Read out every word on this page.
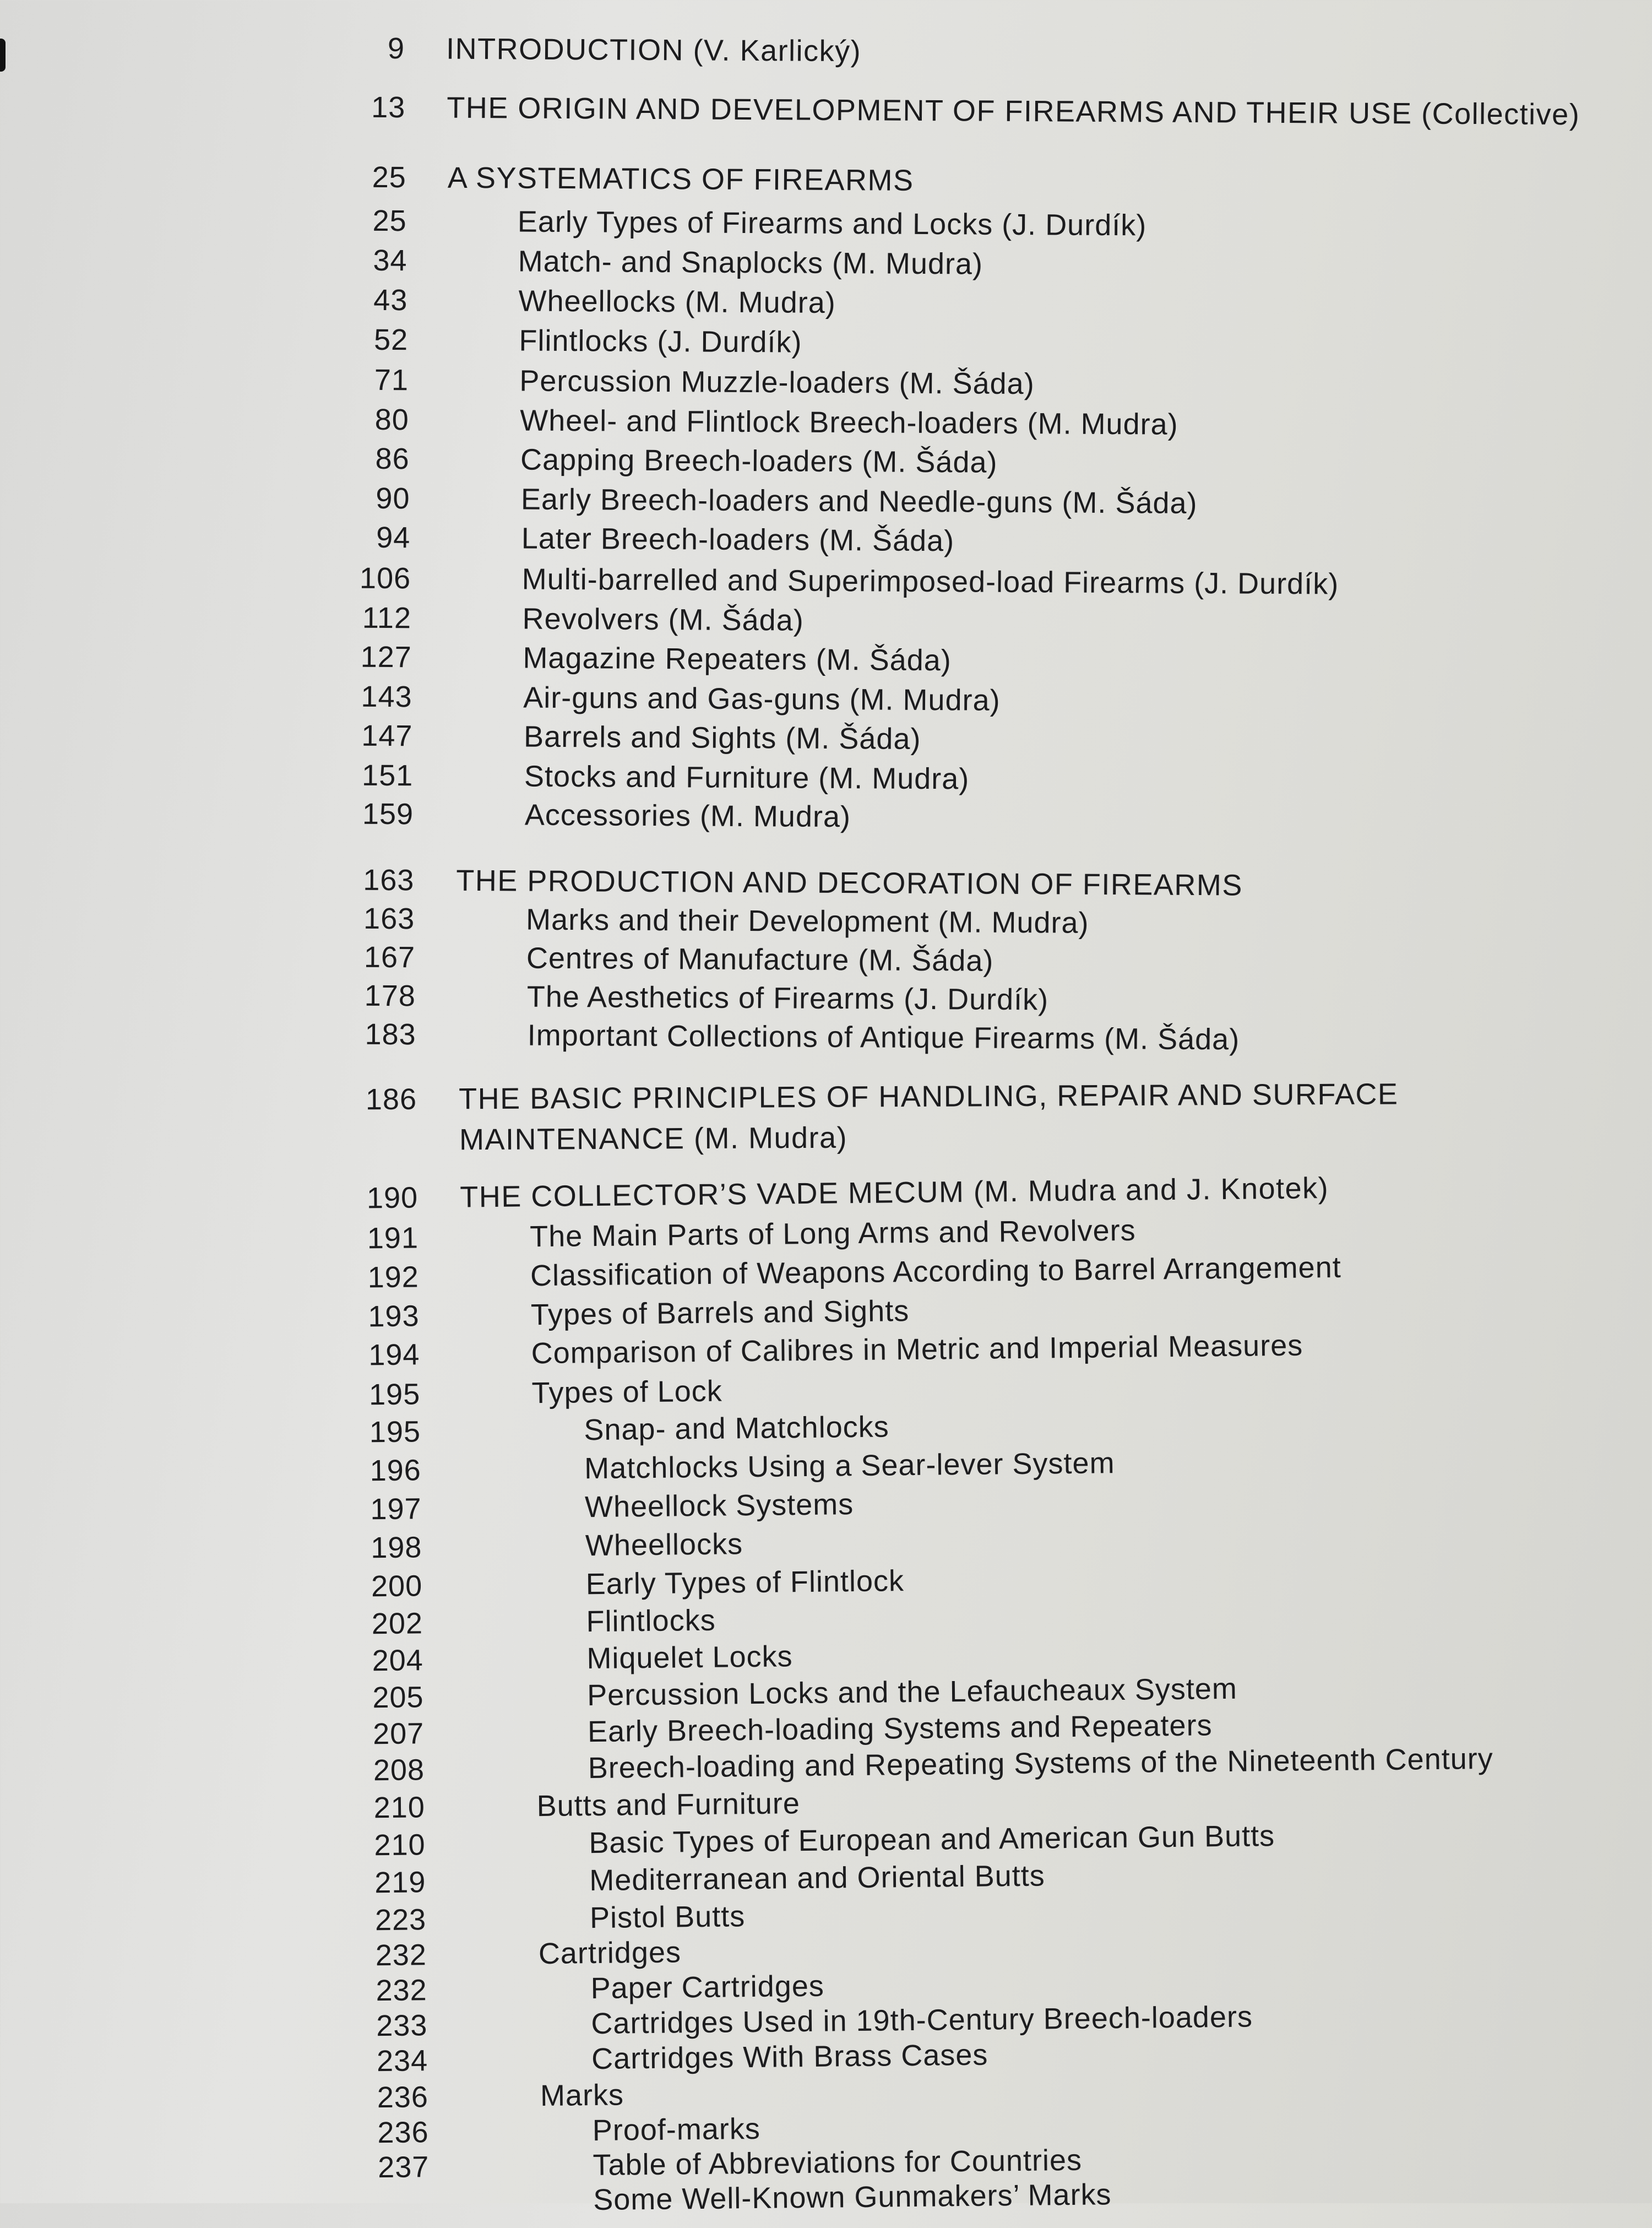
9 INTRODUCTION (V. Karlický)
13 THE ORIGIN AND DEVELOPMENT OF FIREARMS AND THEIR USE (Collective)
25 A SYSTEMATICS OF FIREARMS
25	Early Types of Firearms and Locks (J. Durdík)
34	Match- and Snaplocks (M. Mudra)
43	Wheellocks (M. Mudra)
52	Flintlocks (J. Durdík)
71	Percussion Muzzle-loaders (M. Šáda)
80	Wheel- and Flintlock Breech-loaders (M. Mudra)
86	Capping Breech-loaders (M. Šáda)
90	Early Breech-loaders and Needle-guns (M. Šáda)
94	Later Breech-loaders (M. Šáda)
106	Multi-barrelled and Superimposed-load Firearms (J. Durdík)
112	Revolvers (M. Šáda)
127	Magazine Repeaters (M. Šáda)
143	Air-guns and Gas-guns (M. Mudra)
147	Barrels and Sights (M. Šáda)
151	Stocks and Furniture (M. Mudra)
159	Accessories (M. Mudra)
163 THE PRODUCTION AND DECORATION OF FIREARMS
163	Marks and their Development (M. Mudra)
167	Centres of Manufacture (M. Šáda)
178	The Aesthetics of Firearms (J. Durdík)
183	Important Collections of Antique Firearms (M. Šáda)
186 THE BASIC PRINCIPLES OF HANDLING, REPAIR AND SURFACE
MAINTENANCE (M. Mudra)
190 THE COLLECTOR’S VADE MECUM (M. Mudra and J. Knotek)
191	The Main Parts of Long Arms and Revolvers
192	Classification of Weapons According to Barrel Arrangement
193	Types of Barrels and Sights
194	Comparison of Calibres in Metric and Imperial Measures
195	Types of Lock
195	Snap- and Matchlocks
196	Matchlocks Using a Sear-lever System
197	Wheellock Systems
198	Wheellocks
200	Early Types of Flintlock
202	Flintlocks
204	Miquelet Locks
205	Percussion Locks and the Lefaucheaux System
207	Early Breech-loading Systems and Repeaters
208	Breech-loading and Repeating Systems of the Nineteenth Century
210	Butts and Furniture
210	Basic Types of European and American Gun Butts
219	Mediterranean and Oriental Butts
223	Pistol Butts
232	Cartridges
232	Paper Cartridges
233	Cartridges Used in 19th-Century Breech-loaders
234	Cartridges With Brass Cases
236	Marks
236	Proof-marks
237	Table of Abbreviations for Countries
Some Well-Known Gunmakers’ Marks
